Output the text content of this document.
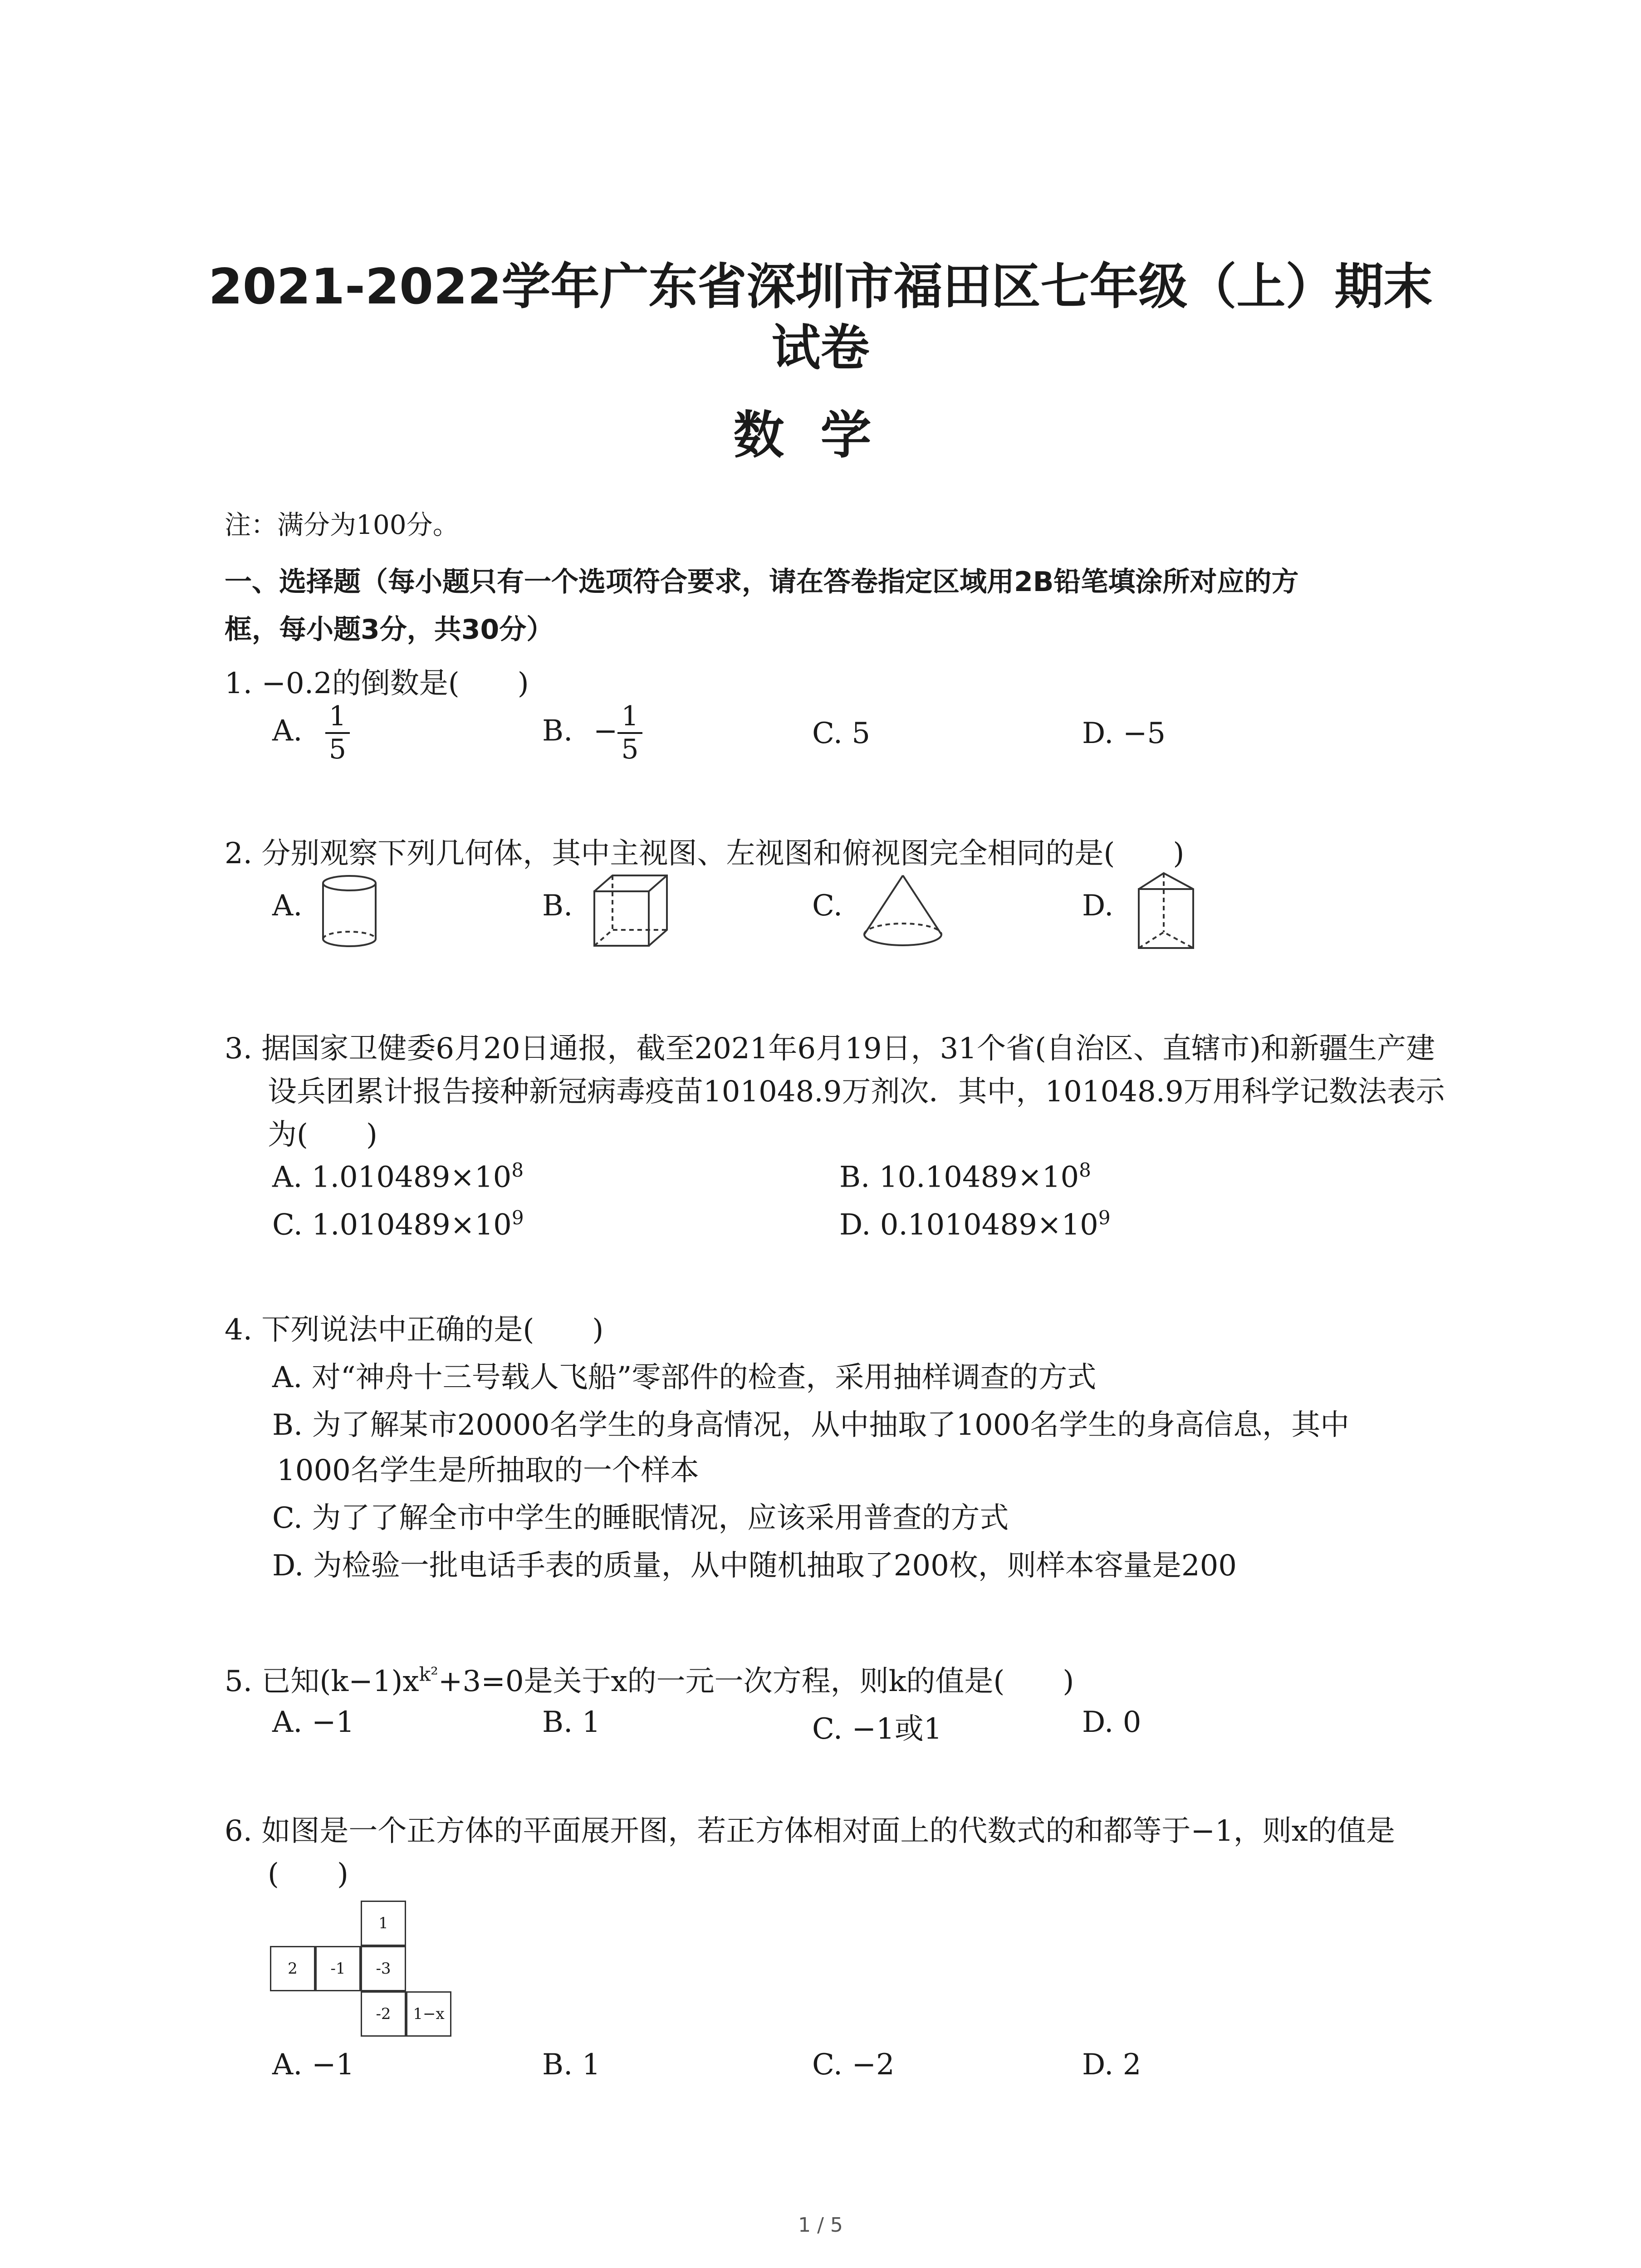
2021-2022学年广东省深圳市福田区七年级（上）期末
试卷
数学
注：满分为100分。
一、选择题（每小题只有一个选项符合要求，请在答卷指定区域用2B铅笔填涂所对应的方
框，每小题3分，共30分）
1. −0.2的倒数是(　　)
A. $\frac{1}{5}$	B. − $\frac{1}{5}$	C. 5	D. −5
2. 分别观察下列几何体，其中主视图、左视图和俯视图完全相同的是(　　)
A.	B.	C.	D.
3. 据国家卫健委6月20日通报，截至2021年6月19日，31个省(自治区、直辖市)和新疆生产建
设兵团累计报告接种新冠病毒疫苗101048.9万剂次．其中，101048.9万用科学记数法表示
为(　　)
A. $1.010489\times 10^8$	B. $10.10489\times 10^8$
C. $1.010489\times 10^9$	D. $0.1010489\times 10^9$
4. 下列说法中正确的是(　　)
A. 对“神舟十三号载人飞船”零部件的检查，采用抽样调查的方式
B. 为了解某市20000名学生的身高情况，从中抽取了1000名学生的身高信息，其中
1000名学生是所抽取的一个样本
C. 为了了解全市中学生的睡眠情况，应该采用普查的方式
D. 为检验一批电话手表的质量，从中随机抽取了200枚，则样本容量是200
5. 已知$(k-1)x^{k^2}+3=0$是关于x的一元一次方程，则k的值是(　　)
A. −1	B. 1	C. −1或1	D. 0
6. 如图是一个正方体的平面展开图，若正方体相对面上的代数式的和都等于−1，则x的值是
(　　)
1
2	-1	-3
-2	1−x
A. −1	B. 1	C. −2	D. 2
1 / 5
